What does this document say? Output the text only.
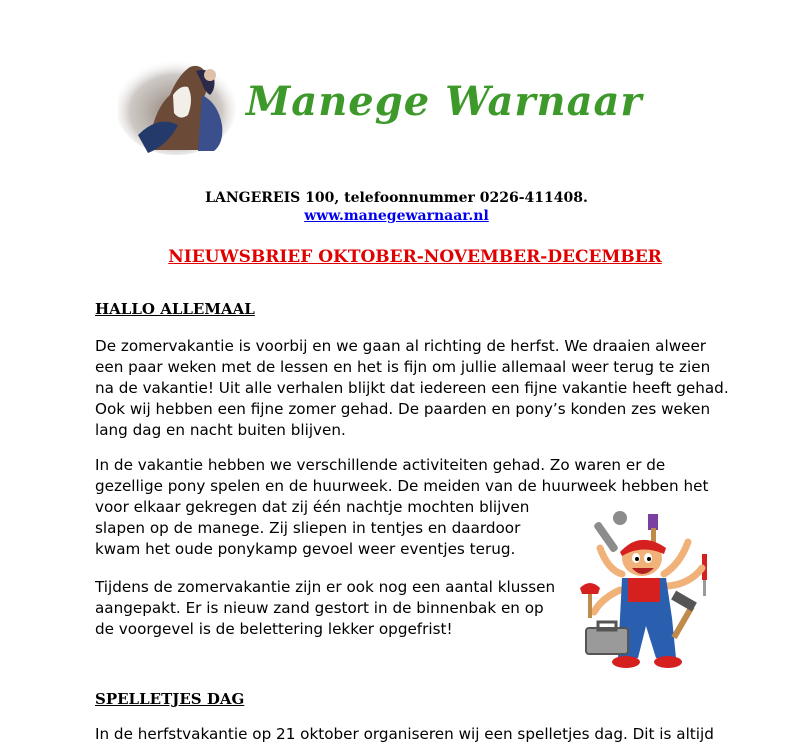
Manege Warnaar
LANGEREIS 100, telefoonnummer 0226-411408.
www.manegewarnaar.nl
NIEUWSBRIEF OKTOBER-NOVEMBER-DECEMBER
HALLO ALLEMAAL
De zomervakantie is voorbij en we gaan al richting de herfst. We draaien alweer
een paar weken met de lessen en het is fijn om jullie allemaal weer terug te zien
na de vakantie! Uit alle verhalen blijkt dat iedereen een fijne vakantie heeft gehad.
Ook wij hebben een fijne zomer gehad. De paarden en pony’s konden zes weken
lang dag en nacht buiten blijven.
In de vakantie hebben we verschillende activiteiten gehad. Zo waren er de
gezellige pony spelen en de huurweek. De meiden van de huurweek hebben het
voor elkaar gekregen dat zij één nachtje mochten blijven
slapen op de manege. Zij sliepen in tentjes en daardoor
kwam het oude ponykamp gevoel weer eventjes terug.
Tijdens de zomervakantie zijn er ook nog een aantal klussen
aangepakt. Er is nieuw zand gestort in de binnenbak en op
de voorgevel is de belettering lekker opgefrist!
SPELLETJES DAG
In de herfstvakantie op 21 oktober organiseren wij een spelletjes dag. Dit is altijd
